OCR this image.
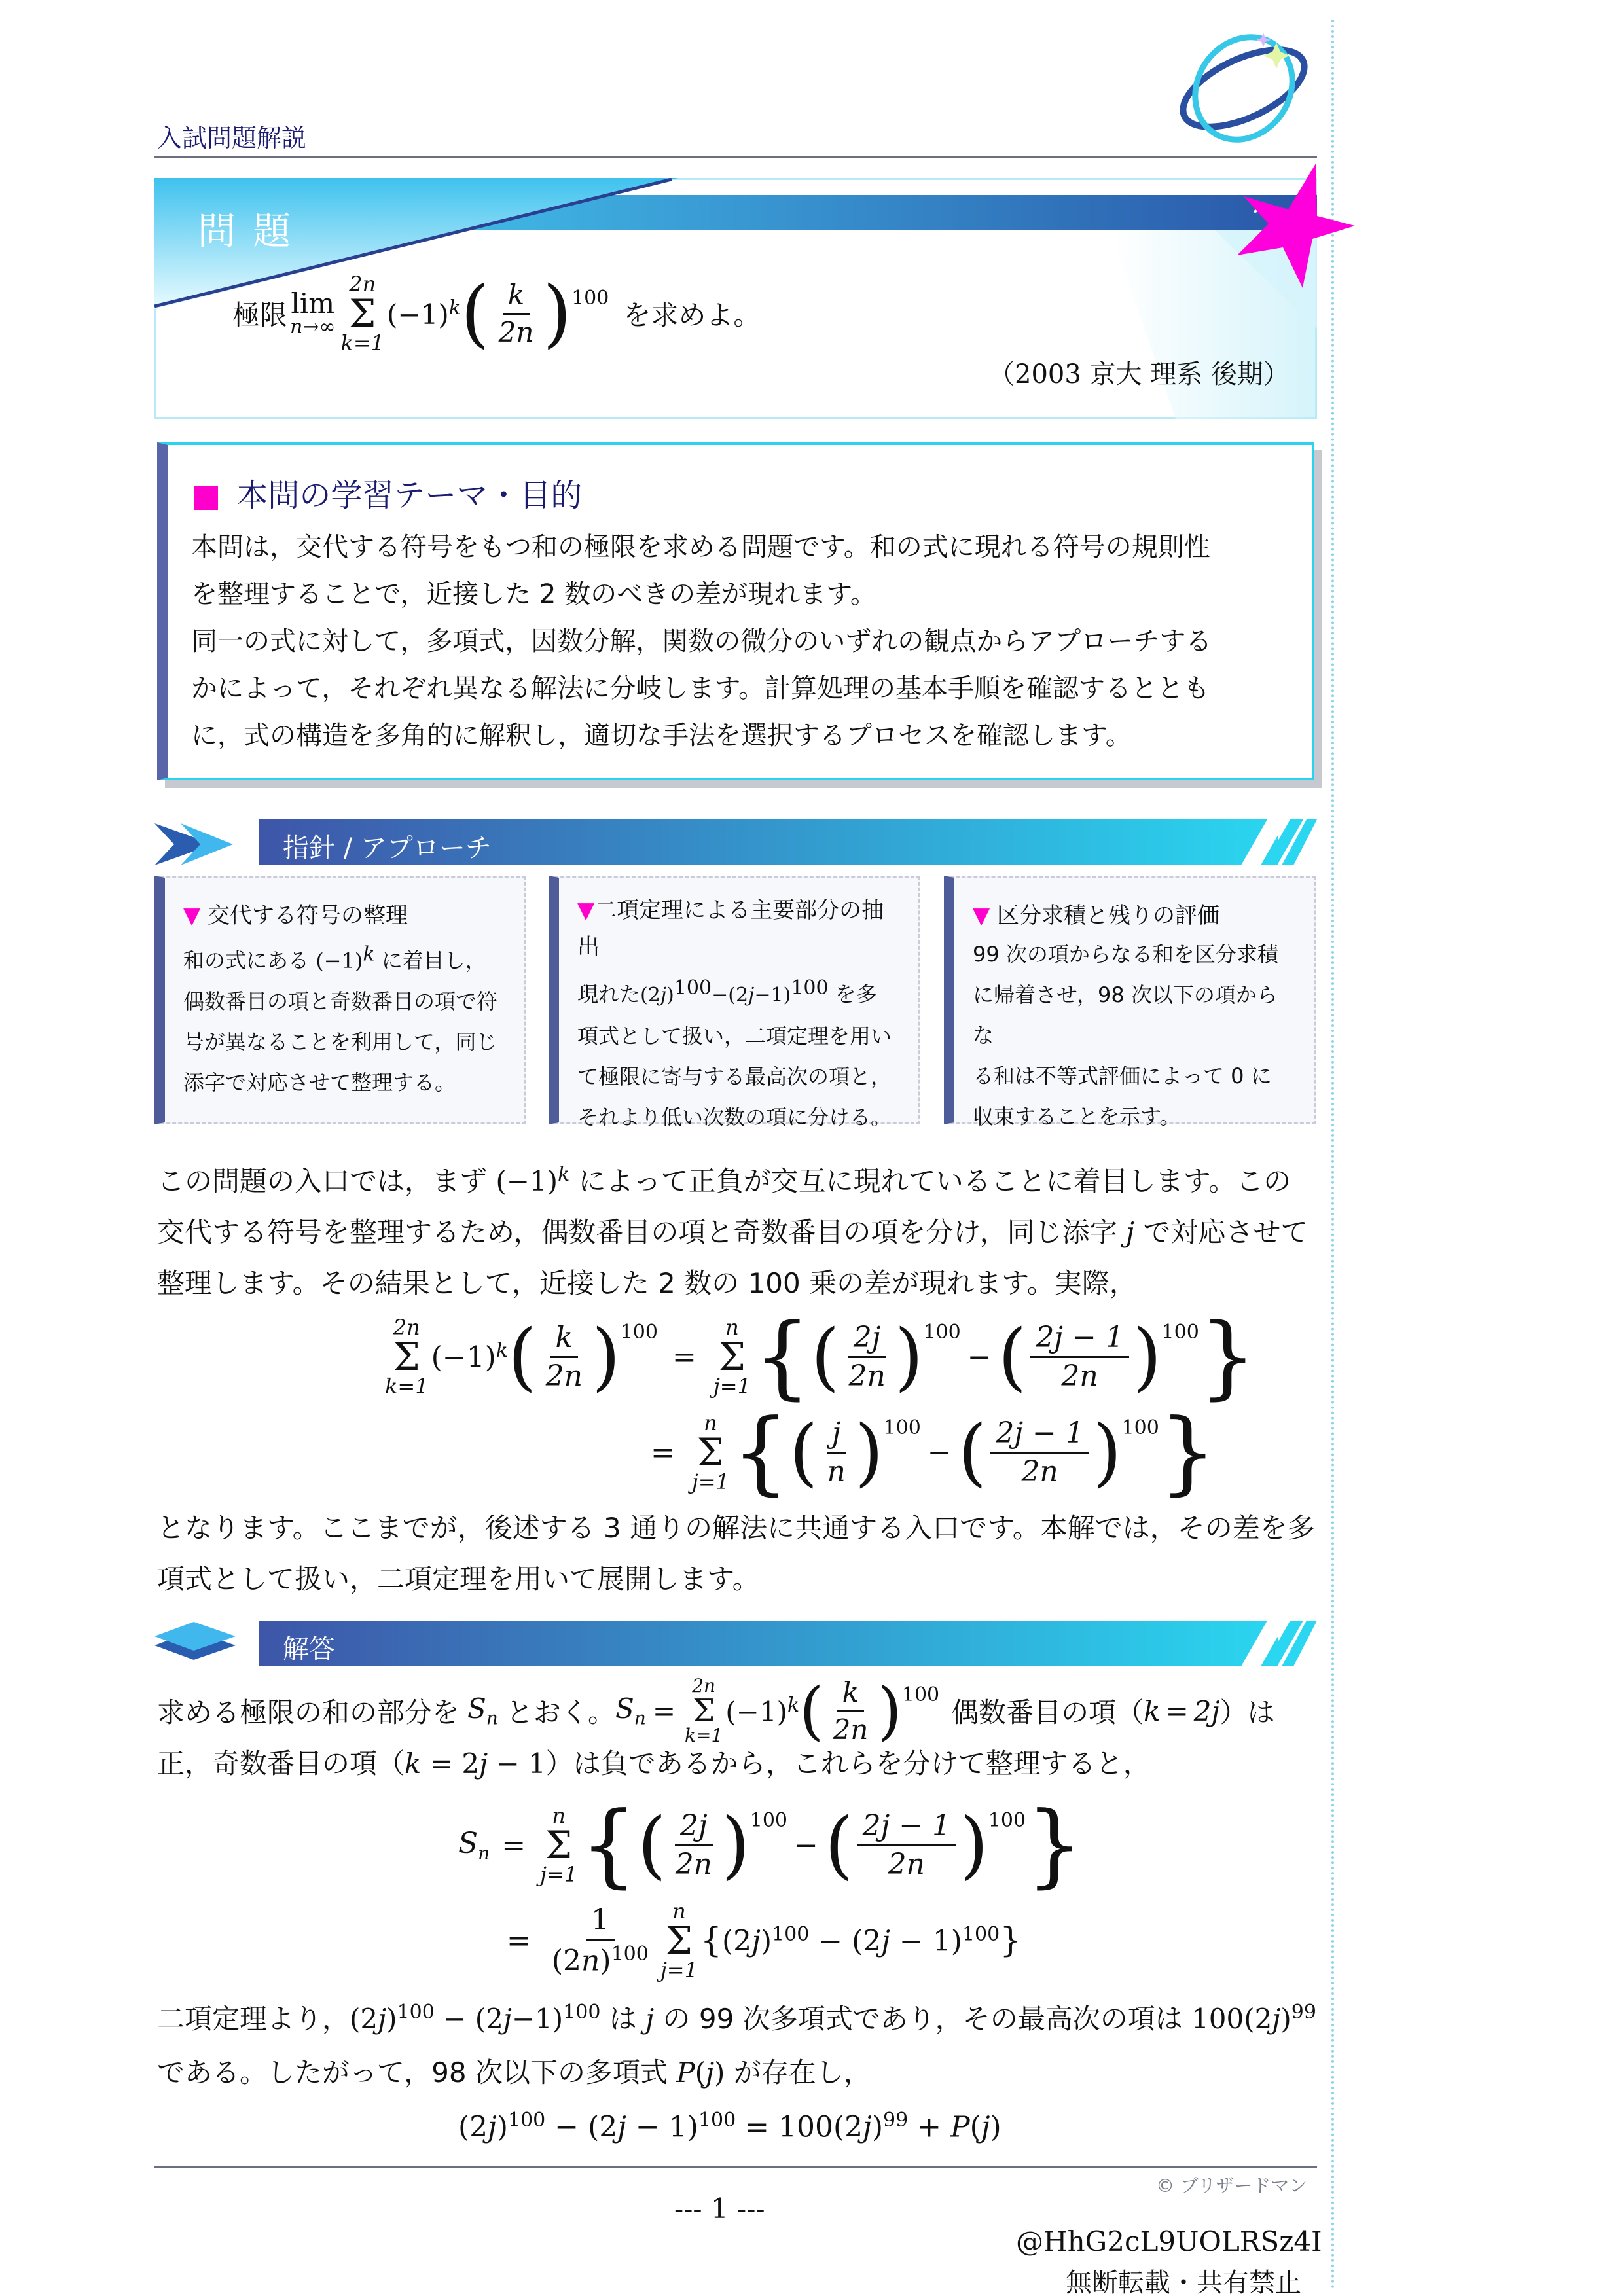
入試問題解説
問 題
極限 lim
n→∞
2n
Σ
k=1
$(-1)^k$ ( $\frac{k}{2n} )^{100}$
を求めよ。
（2003 京大 理系 後期）
■ 本問の学習テーマ・目的
本問は，交代する符号をもつ和の極限を求める問題です。和の式に現れる符号の規則性
を整理することで，近接した 2 数のべきの差が現れます。
同一の式に対して，多項式，因数分解，関数の微分のいずれの観点からアプローチする
かによって，それぞれ異なる解法に分岐します。計算処理の基本手順を確認するととも
に，式の構造を多角的に解釈し，適切な手法を選択するプロセスを確認します。
指針 / アプローチ
▼ 交代する符号の整理
和の式にある $(-1)^k$ に着目し，
偶数番目の項と奇数番目の項で符
号が異なることを利用して，同じ
添字で対応させて整理する。
▼二項定理による主要部分の抽
出
現れた$(2j)^{100}-(2j-1)^{100}$ を多
項式として扱い，二項定理を用い
て極限に寄与する最高次の項と，
それより低い次数の項に分ける。
▼ 区分求積と残りの評価
99 次の項からなる和を区分求積
に帰着させ，98 次以下の項からな
る和は不等式評価によって 0 に
収束することを示す。
この問題の入口では，まず $(-1)^k$ によって正負が交互に現れていることに着目します。この
交代する符号を整理するため，偶数番目の項と奇数番目の項を分け，同じ添字 j で対応させて
整理します。その結果として，近接した 2 数の 100 乗の差が現れます。実際，
2n
Σ
k=1
$(-1)^k$ ( $\frac{k}{2n} )^{100}$
=
n
Σ
j=1 { ( $\frac{2j}{2n} )^{100}$
− ( $\frac{2j - 1}{2n} )^{100}$ }
=
n
Σ
j=1 { ( $\frac{j}{n} )^{100}$
− ( $\frac{2j - 1}{2n} )^{100}$ }
となります。ここまでが，後述する 3 通りの解法に共通する入口です。本解では，その差を多
項式として扱い，二項定理を用いて展開します。
解答
求める極限の和の部分を $S_n$ とおく。 $S_n$ =
2n
Σ
k=1
$(-1)^k$ ( $\frac{k}{2n} )^{100}$
偶数番目の項（ k = 2j ）は
正，奇数番目の項（k = 2j − 1）は負であるから，これらを分けて整理すると，
$S_n$ =
n
Σ
j=1 { ( $\frac{2j}{2n} )^{100}$
− ( $\frac{2j - 1}{2n} )^{100}$ }
= $\frac{1}{(2n)^{100}}$ n
Σ
j=1
{ $(2j)^{100} - (2j - 1)^{100}$ }
二項定理より，$(2j)^{100} - (2j-1)^{100}$ は j の 99 次多項式であり，その最高次の項は $100(2j)^{99}$
である。したがって，98 次以下の多項式 P(j) が存在し，
$(2j)^{100} - (2j - 1)^{100} = 100(2j)^{99} + P(j)$
© ブリザードマン
--- 1 ---
@HhG2cL9UOLRSz4I
無断転載・共有禁止
